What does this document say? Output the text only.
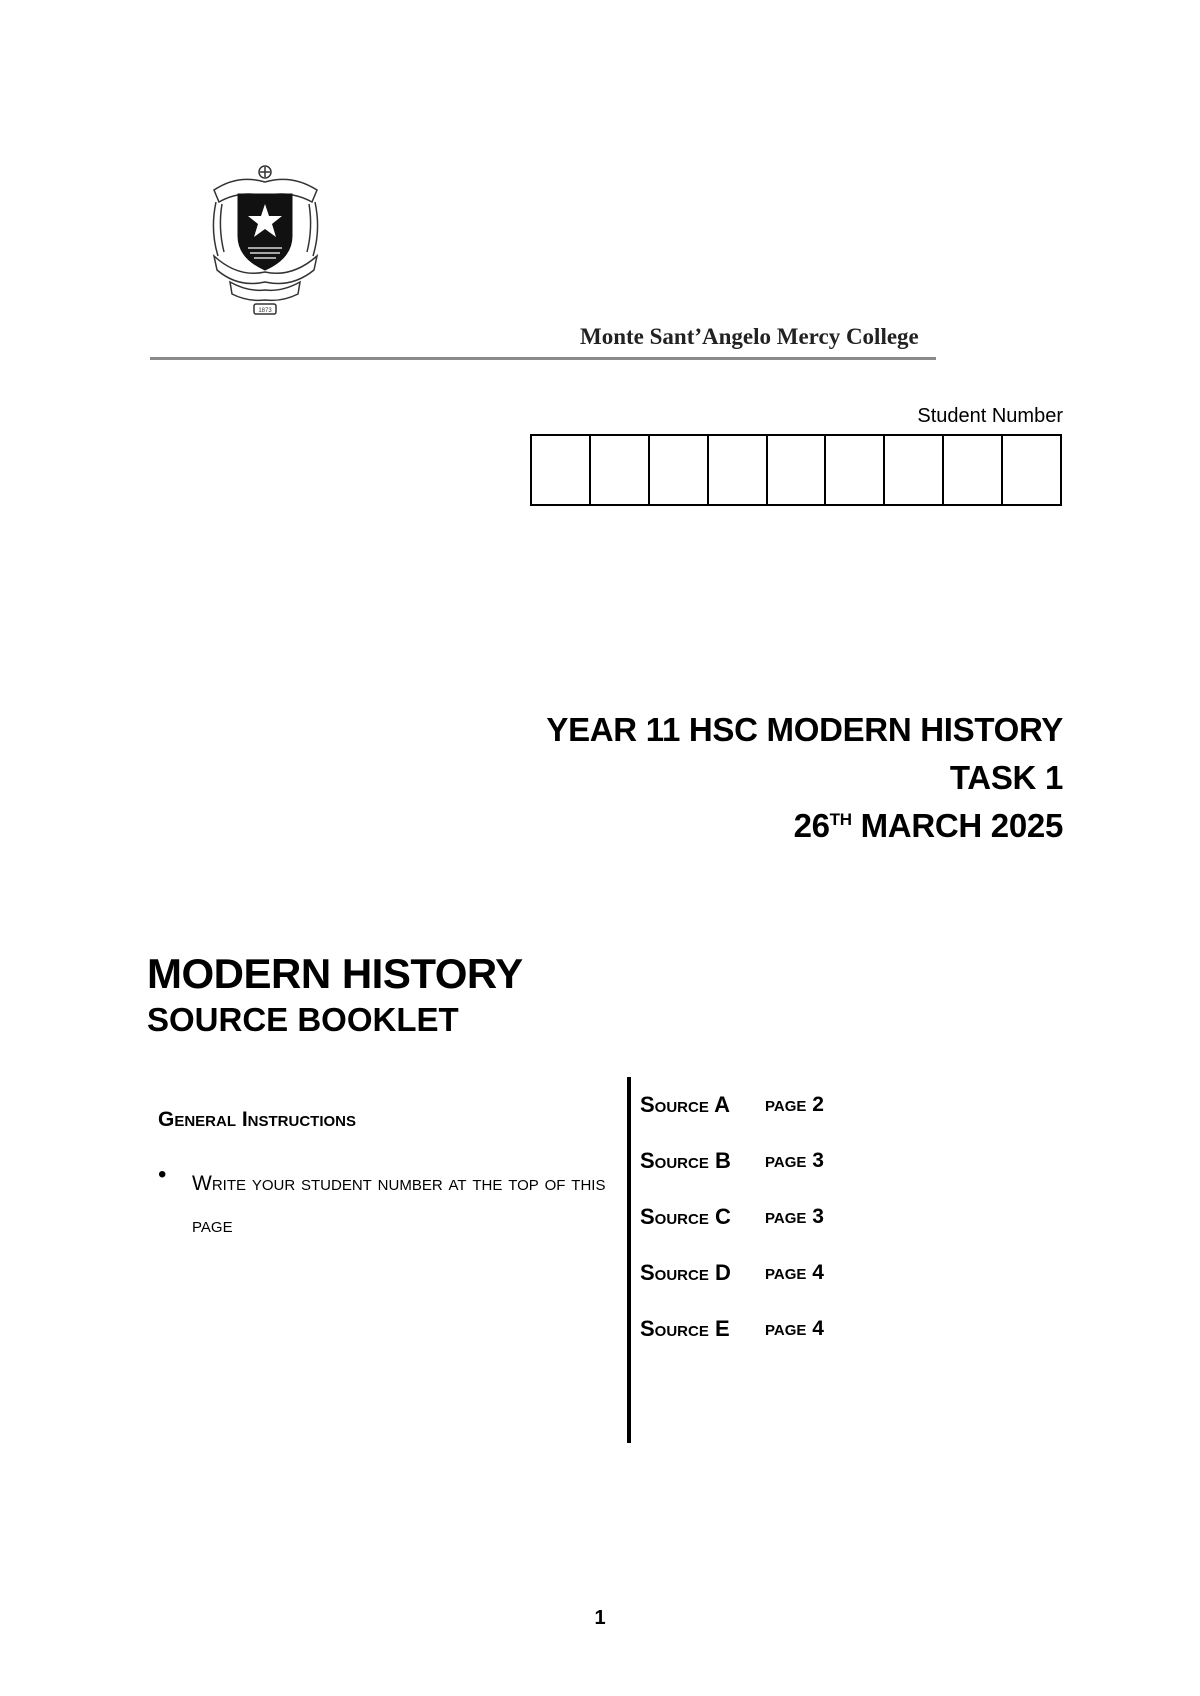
1873
Monte Sant’Angelo Mercy College
Student Number
YEAR 11 HSC MODERN HISTORY
TASK 1
26TH MARCH 2025
MODERN HISTORY
SOURCE BOOKLET
General Instructions
• Write your student number at the top of this page
Source A	page 2
Source B	page 3
Source C	page 3
Source D	page 4
Source E	page 4
1
